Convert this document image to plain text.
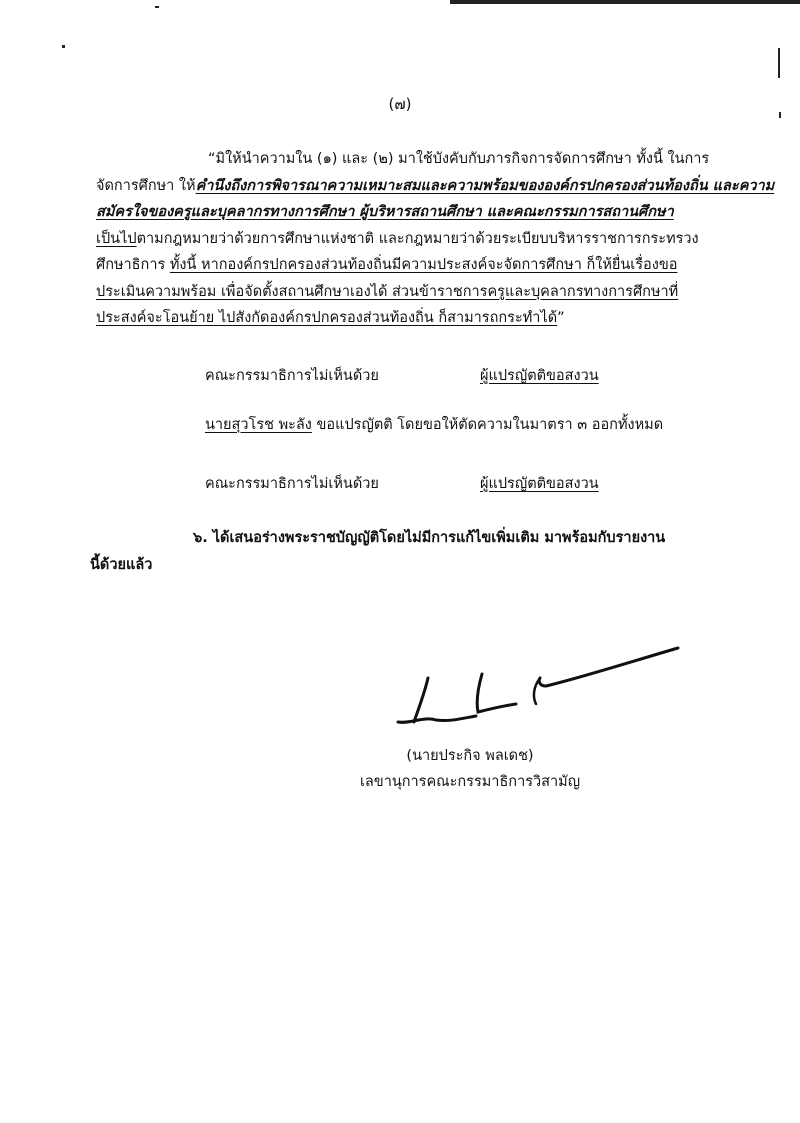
(๗)
“มิให้นำความใน (๑) และ (๒) มาใช้บังคับกับภารกิจการจัดการศึกษา ทั้งนี้ ในการ
จัดการศึกษา ให้คำนึงถึงการพิจารณาความเหมาะสมและความพร้อมขององค์กรปกครองส่วนท้องถิ่น และความ
สมัครใจของครูและบุคลากรทางการศึกษา ผู้บริหารสถานศึกษา และคณะกรรมการสถานศึกษา
เป็นไปตามกฎหมายว่าด้วยการศึกษาแห่งชาติ และกฎหมายว่าด้วยระเบียบบริหารราชการกระทรวง
ศึกษาธิการ ทั้งนี้ หากองค์กรปกครองส่วนท้องถิ่นมีความประสงค์จะจัดการศึกษา ก็ให้ยื่นเรื่องขอ
ประเมินความพร้อม เพื่อจัดตั้งสถานศึกษาเองได้ ส่วนข้าราชการครูและบุคลากรทางการศึกษาที่
ประสงค์จะโอนย้าย ไปสังกัดองค์กรปกครองส่วนท้องถิ่น ก็สามารถกระทำได้”
คณะกรรมาธิการไม่เห็นด้วย	ผู้แปรญัตติขอสงวน
นายสุวโรช พะลัง ขอแปรญัตติ โดยขอให้ตัดความในมาตรา ๓ ออกทั้งหมด
คณะกรรมาธิการไม่เห็นด้วย	ผู้แปรญัตติขอสงวน
๖. ได้เสนอร่างพระราชบัญญัติโดยไม่มีการแก้ไขเพิ่มเติม มาพร้อมกับรายงาน
นี้ด้วยแล้ว
(นายประกิจ พลเดช)
เลขานุการคณะกรรมาธิการวิสามัญ
